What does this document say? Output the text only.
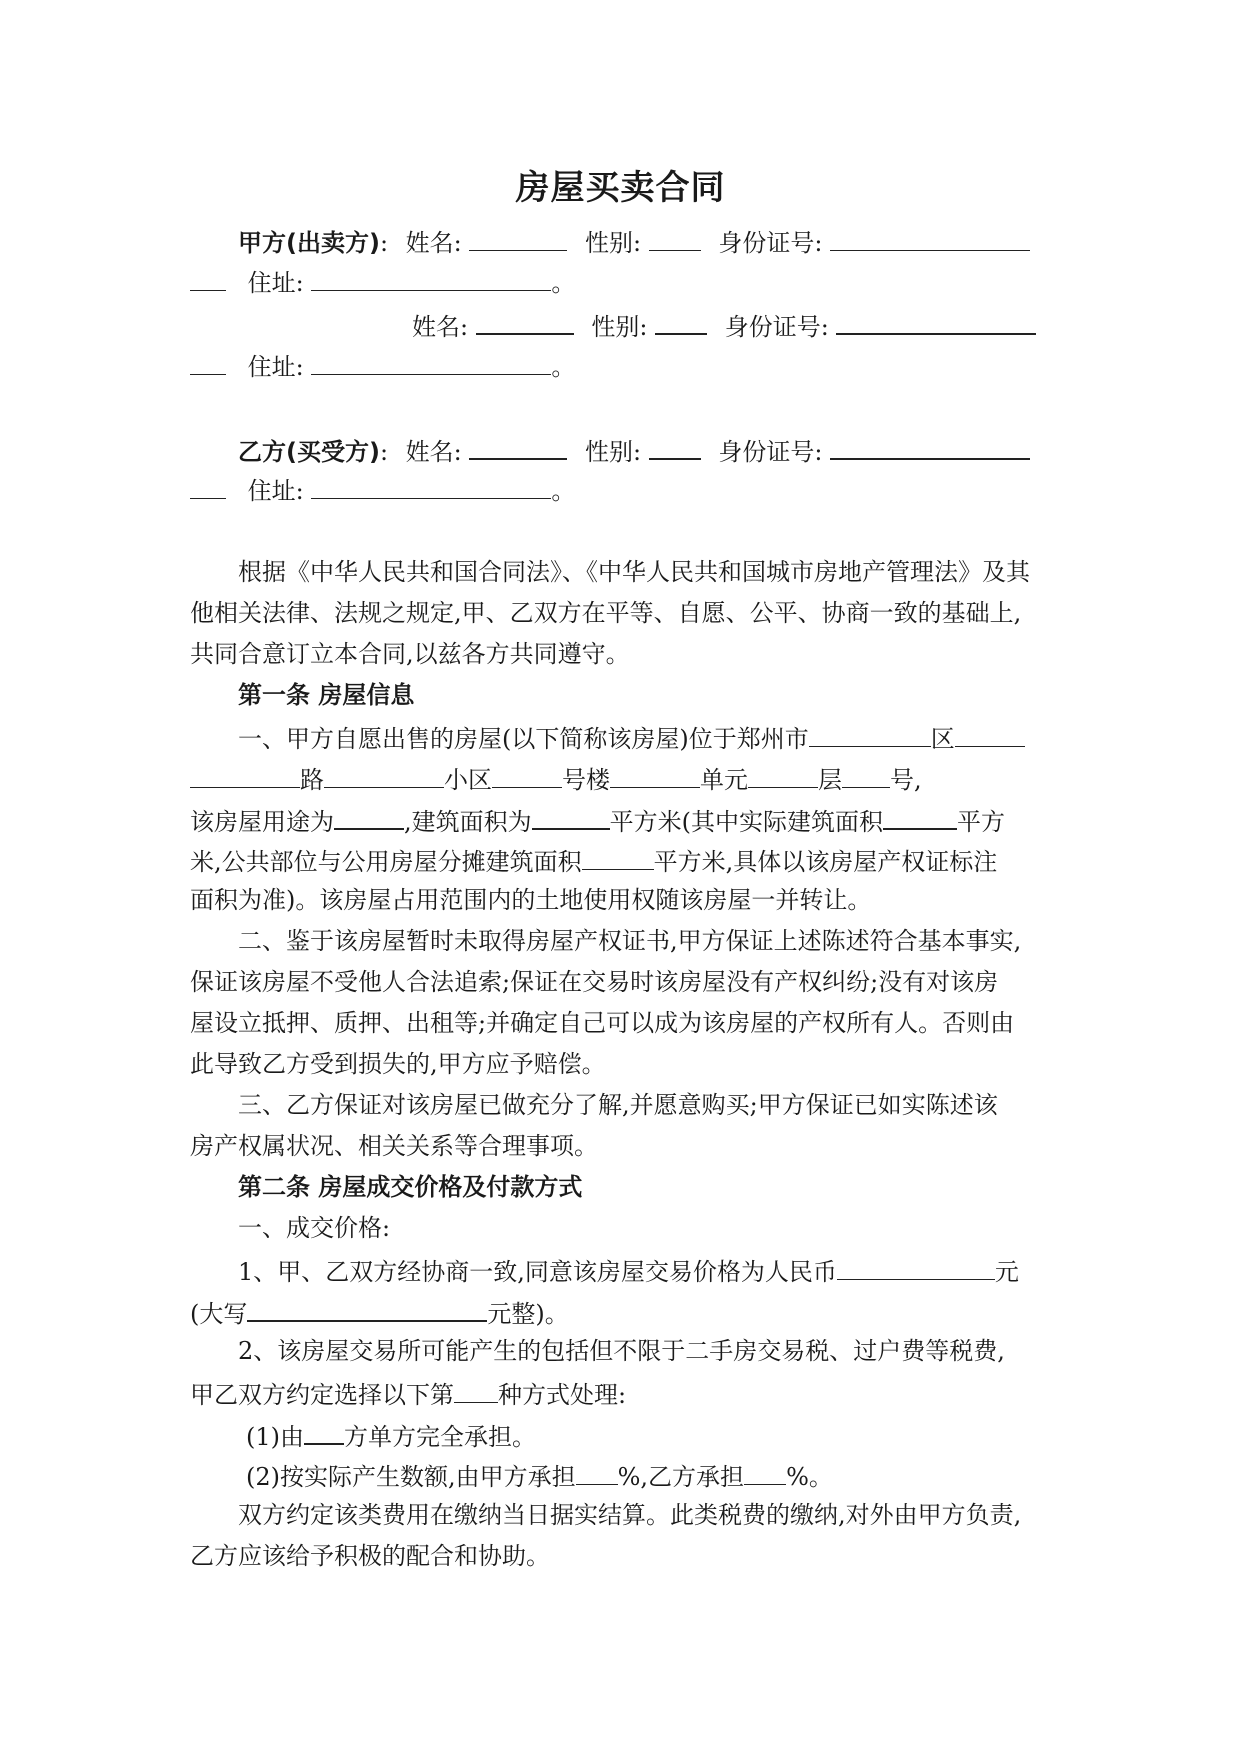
房屋买卖合同
甲方(出卖方): 姓名:	性别:	身份证号:
住址:	。
姓名:	性别:	身份证号:
住址:	。
乙方(买受方): 姓名:	性别:	身份证号:
住址:	。
根据《中华人民共和国合同法》、《中华人民共和国城市房地产管理法》及其
他相关法律、法规之规定,甲、乙双方在平等、自愿、公平、协商一致的基础上,
共同合意订立本合同,以兹各方共同遵守。
第一条 房屋信息
一、甲方自愿出售的房屋(以下简称该房屋)位于郑州市	区
路	小区	号楼	单元	层 号,
该房屋用途为	,建筑面积为	平方米(其中实际建筑面积	平方
米,公共部位与公用房屋分摊建筑面积	平方米,具体以该房屋产权证标注
面积为准)。该房屋占用范围内的土地使用权随该房屋一并转让。
二、鉴于该房屋暂时未取得房屋产权证书,甲方保证上述陈述符合基本事实,
保证该房屋不受他人合法追索;保证在交易时该房屋没有产权纠纷;没有对该房
屋设立抵押、质押、出租等;并确定自己可以成为该房屋的产权所有人。否则由
此导致乙方受到损失的,甲方应予赔偿。
三、乙方保证对该房屋已做充分了解,并愿意购买;甲方保证已如实陈述该
房产权属状况、相关关系等合理事项。
第二条 房屋成交价格及付款方式
一、成交价格:
1、甲、乙双方经协商一致,同意该房屋交易价格为人民币	元
(大写	元整)。
2、该房屋交易所可能产生的包括但不限于二手房交易税、过户费等税费,
甲乙双方约定选择以下第 种方式处理:
(1)由 方单方完全承担。
(2)按实际产生数额,由甲方承担 %,乙方承担 %。
双方约定该类费用在缴纳当日据实结算。此类税费的缴纳,对外由甲方负责,
乙方应该给予积极的配合和协助。
